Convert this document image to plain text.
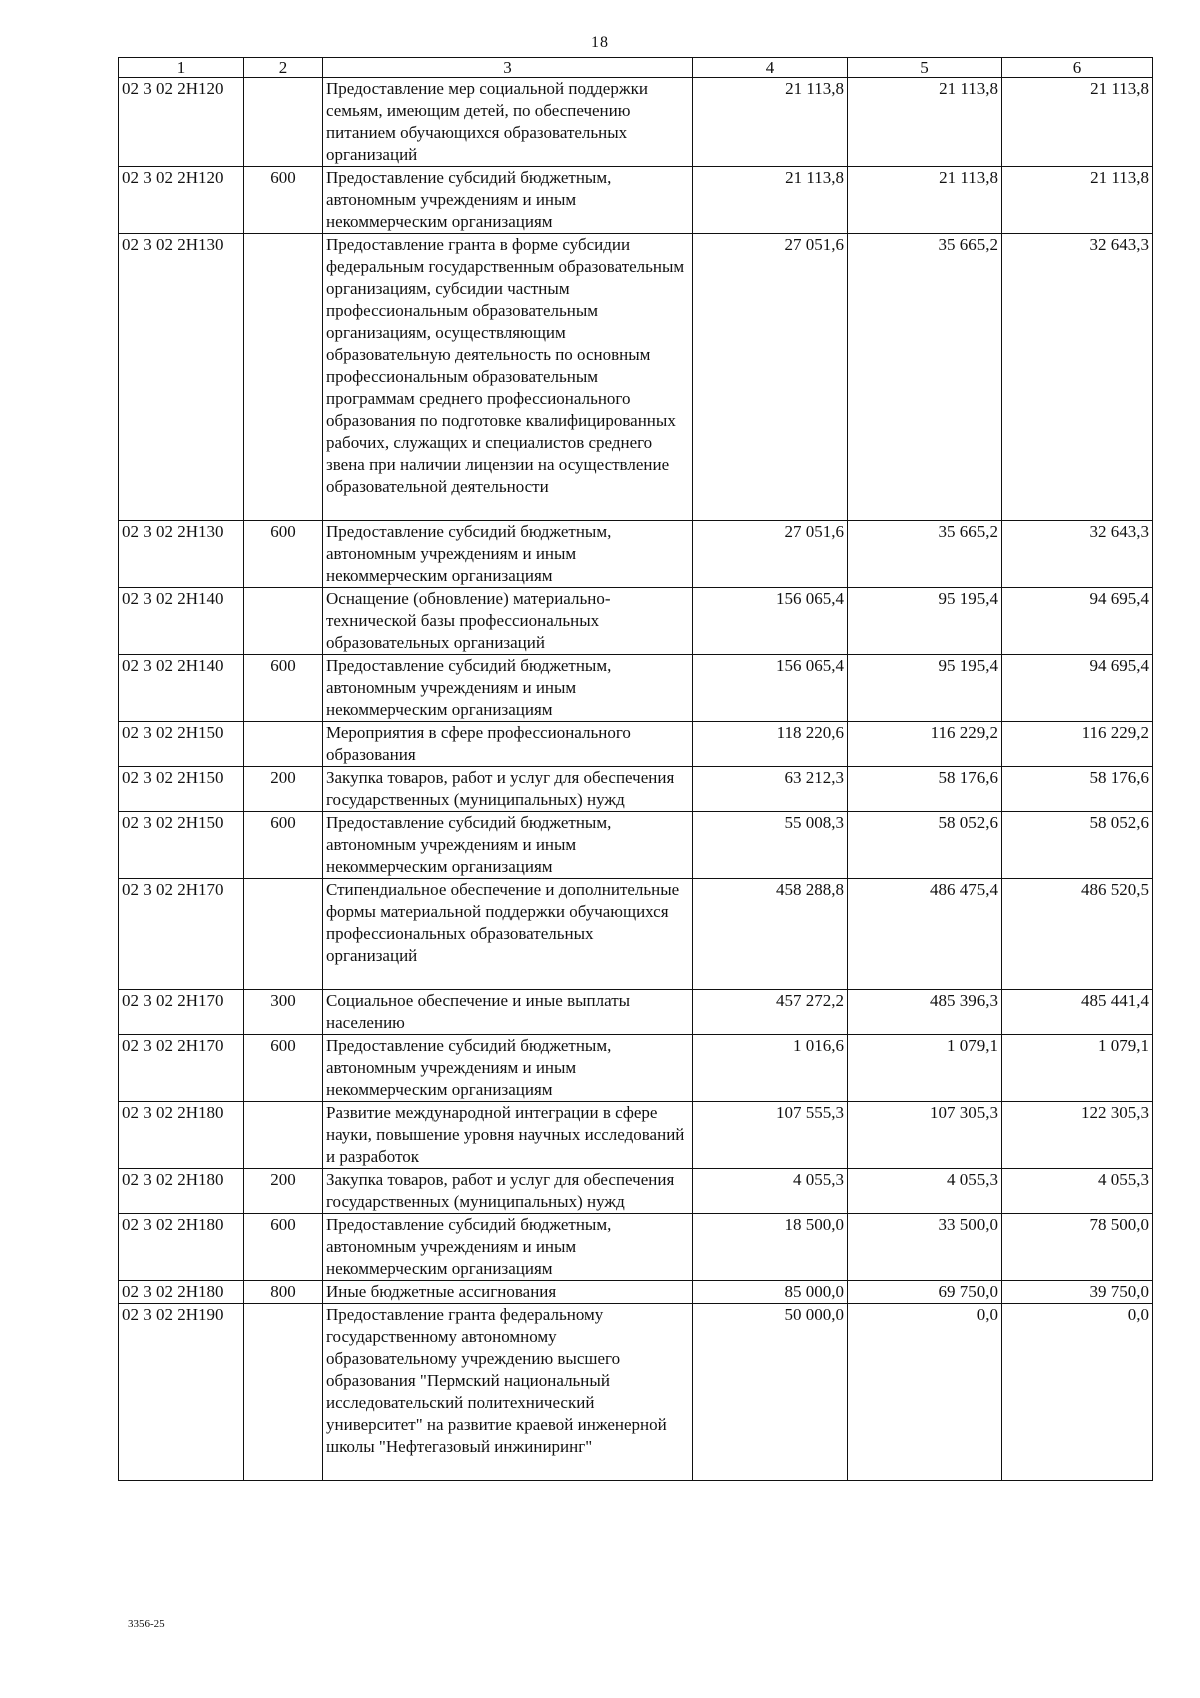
18
1	2	3	4	5	6
02 3 02 2Н120		Предоставление мер социальной поддержки семьям, имеющим детей, по обеспечению питанием обучающихся образовательных организаций	21 113,8	21 113,8	21 113,8
02 3 02 2Н120	600	Предоставление субсидий бюджетным, автономным учреждениям и иным некоммерческим организациям	21 113,8	21 113,8	21 113,8
02 3 02 2Н130		Предоставление гранта в форме субсидии федеральным государственным образовательным организациям, субсидии частным профессиональным образовательным организациям, осуществляющим образовательную деятельность по основным профессиональным образовательным программам среднего профессионального образования по подготовке квалифицированных рабочих, служащих и специалистов среднего звена при наличии лицензии на осуществление образовательной деятельности	27 051,6	35 665,2	32 643,3
02 3 02 2Н130	600	Предоставление субсидий бюджетным, автономным учреждениям и иным некоммерческим организациям	27 051,6	35 665,2	32 643,3
02 3 02 2Н140		Оснащение (обновление) материально-технической базы профессиональных образовательных организаций	156 065,4	95 195,4	94 695,4
02 3 02 2Н140	600	Предоставление субсидий бюджетным, автономным учреждениям и иным некоммерческим организациям	156 065,4	95 195,4	94 695,4
02 3 02 2Н150		Мероприятия в сфере профессионального образования	118 220,6	116 229,2	116 229,2
02 3 02 2Н150	200	Закупка товаров, работ и услуг для обеспечения государственных (муниципальных) нужд	63 212,3	58 176,6	58 176,6
02 3 02 2Н150	600	Предоставление субсидий бюджетным, автономным учреждениям и иным некоммерческим организациям	55 008,3	58 052,6	58 052,6
02 3 02 2Н170		Стипендиальное обеспечение и дополнительные формы материальной поддержки обучающихся профессиональных образовательных организаций	458 288,8	486 475,4	486 520,5
02 3 02 2Н170	300	Социальное обеспечение и иные выплаты населению	457 272,2	485 396,3	485 441,4
02 3 02 2Н170	600	Предоставление субсидий бюджетным, автономным учреждениям и иным некоммерческим организациям	1 016,6	1 079,1	1 079,1
02 3 02 2Н180		Развитие международной интеграции в сфере науки, повышение уровня научных исследований и разработок	107 555,3	107 305,3	122 305,3
02 3 02 2Н180	200	Закупка товаров, работ и услуг для обеспечения государственных (муниципальных) нужд	4 055,3	4 055,3	4 055,3
02 3 02 2Н180	600	Предоставление субсидий бюджетным, автономным учреждениям и иным некоммерческим организациям	18 500,0	33 500,0	78 500,0
02 3 02 2Н180	800	Иные бюджетные ассигнования	85 000,0	69 750,0	39 750,0
02 3 02 2Н190		Предоставление гранта федеральному государственному автономному образовательному учреждению высшего образования "Пермский национальный исследовательский политехнический университет" на развитие краевой инженерной школы "Нефтегазовый инжиниринг"	50 000,0	0,0	0,0
3356-25
